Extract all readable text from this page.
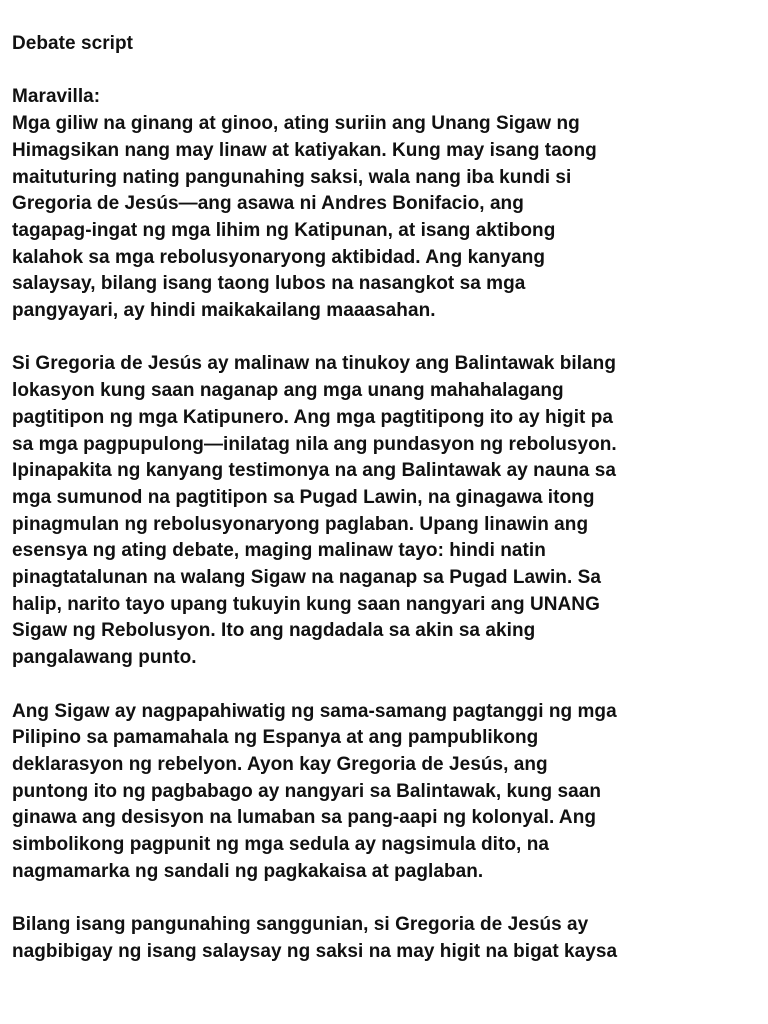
Debate script

Maravilla:
Mga giliw na ginang at ginoo, ating suriin ang Unang Sigaw ng
Himagsikan nang may linaw at katiyakan. Kung may isang taong
maituturing nating pangunahing saksi, wala nang iba kundi si
Gregoria de Jesús—ang asawa ni Andres Bonifacio, ang
tagapag-ingat ng mga lihim ng Katipunan, at isang aktibong
kalahok sa mga rebolusyonaryong aktibidad. Ang kanyang
salaysay, bilang isang taong lubos na nasangkot sa mga
pangyayari, ay hindi maikakailang maaasahan.

Si Gregoria de Jesús ay malinaw na tinukoy ang Balintawak bilang
lokasyon kung saan naganap ang mga unang mahahalagang
pagtitipon ng mga Katipunero. Ang mga pagtitipong ito ay higit pa
sa mga pagpupulong—inilatag nila ang pundasyon ng rebolusyon.
Ipinapakita ng kanyang testimonya na ang Balintawak ay nauna sa
mga sumunod na pagtitipon sa Pugad Lawin, na ginagawa itong
pinagmulan ng rebolusyonaryong paglaban. Upang linawin ang
esensya ng ating debate, maging malinaw tayo: hindi natin
pinagtatalunan na walang Sigaw na naganap sa Pugad Lawin. Sa
halip, narito tayo upang tukuyin kung saan nangyari ang UNANG
Sigaw ng Rebolusyon. Ito ang nagdadala sa akin sa aking
pangalawang punto.

Ang Sigaw ay nagpapahiwatig ng sama-samang pagtanggi ng mga
Pilipino sa pamamahala ng Espanya at ang pampublikong
deklarasyon ng rebelyon. Ayon kay Gregoria de Jesús, ang
puntong ito ng pagbabago ay nangyari sa Balintawak, kung saan
ginawa ang desisyon na lumaban sa pang-aapi ng kolonyal. Ang
simbolikong pagpunit ng mga sedula ay nagsimula dito, na
nagmamarka ng sandali ng pagkakaisa at paglaban.

Bilang isang pangunahing sanggunian, si Gregoria de Jesús ay
nagbibigay ng isang salaysay ng saksi na may higit na bigat kaysa
